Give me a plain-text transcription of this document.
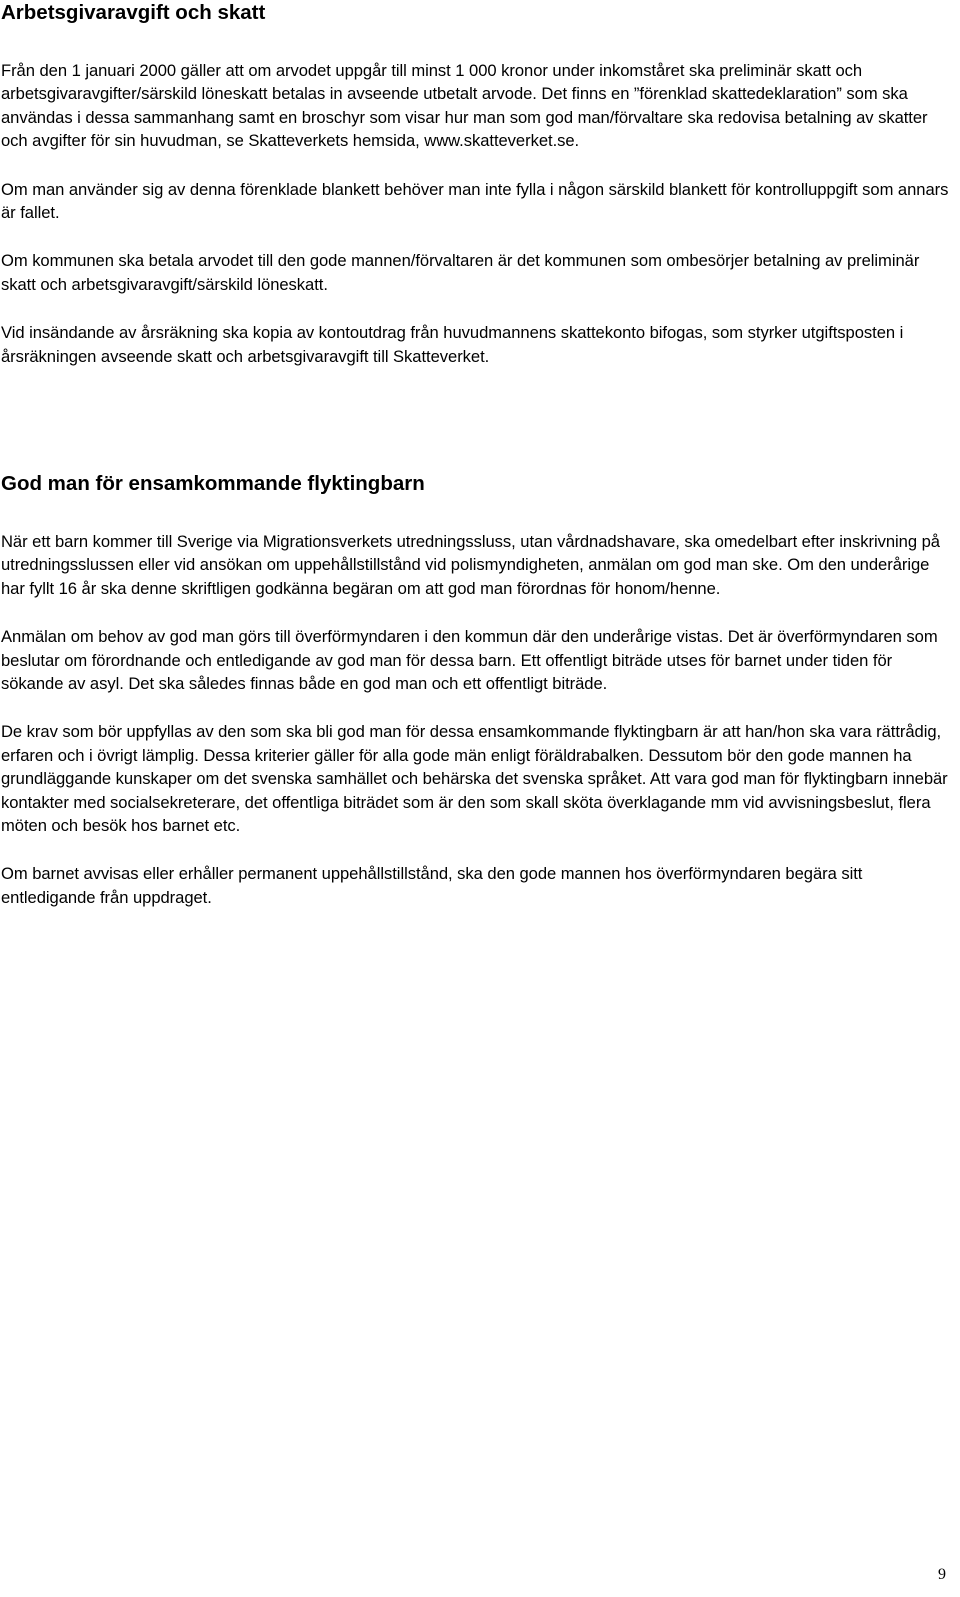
Arbetsgivaravgift och skatt

Från den 1 januari 2000 gäller att om arvodet uppgår till minst 1 000 kronor under inkomståret ska preliminär skatt och arbetsgivaravgifter/särskild löneskatt betalas in avseende utbetalt arvode. Det finns en ”förenklad skattedeklaration” som ska användas i dessa sammanhang samt en broschyr som visar hur man som god man/förvaltare ska redovisa betalning av skatter och avgifter för sin huvudman, se Skatteverkets hemsida, www.skatteverket.se.

Om man använder sig av denna förenklade blankett behöver man inte fylla i någon särskild blankett för kontrolluppgift som annars är fallet.

Om kommunen ska betala arvodet till den gode mannen/förvaltaren är det kommunen som ombesörjer betalning av preliminär skatt och arbetsgivaravgift/särskild löneskatt.

Vid insändande av årsräkning ska kopia av kontoutdrag från huvudmannens skattekonto bifogas, som styrker utgiftsposten i årsräkningen avseende skatt och arbetsgivaravgift till Skatteverket.

God man för ensamkommande flyktingbarn

När ett barn kommer till Sverige via Migrationsverkets utredningssluss, utan vårdnadshavare, ska omedelbart efter inskrivning på utredningsslussen eller vid ansökan om uppehållstillstånd vid polismyndigheten, anmälan om god man ske. Om den underårige har fyllt 16 år ska denne skriftligen godkänna begäran om att god man förordnas för honom/henne.

Anmälan om behov av god man görs till överförmyndaren i den kommun där den underårige vistas. Det är överförmyndaren som beslutar om förordnande och entledigande av god man för dessa barn. Ett offentligt biträde utses för barnet under tiden för sökande av asyl. Det ska således finnas både en god man och ett offentligt biträde.

De krav som bör uppfyllas av den som ska bli god man för dessa ensamkommande flyktingbarn är att han/hon ska vara rättrådig, erfaren och i övrigt lämplig. Dessa kriterier gäller för alla gode män enligt föräldrabalken. Dessutom bör den gode mannen ha grundläggande kunskaper om det svenska samhället och behärska det svenska språket. Att vara god man för flyktingbarn innebär kontakter med socialsekreterare, det offentliga biträdet som är den som skall sköta överklagande mm vid avvisningsbeslut, flera möten och besök hos barnet etc.

Om barnet avvisas eller erhåller permanent uppehållstillstånd, ska den gode mannen hos överförmyndaren begära sitt entledigande från uppdraget.

9
